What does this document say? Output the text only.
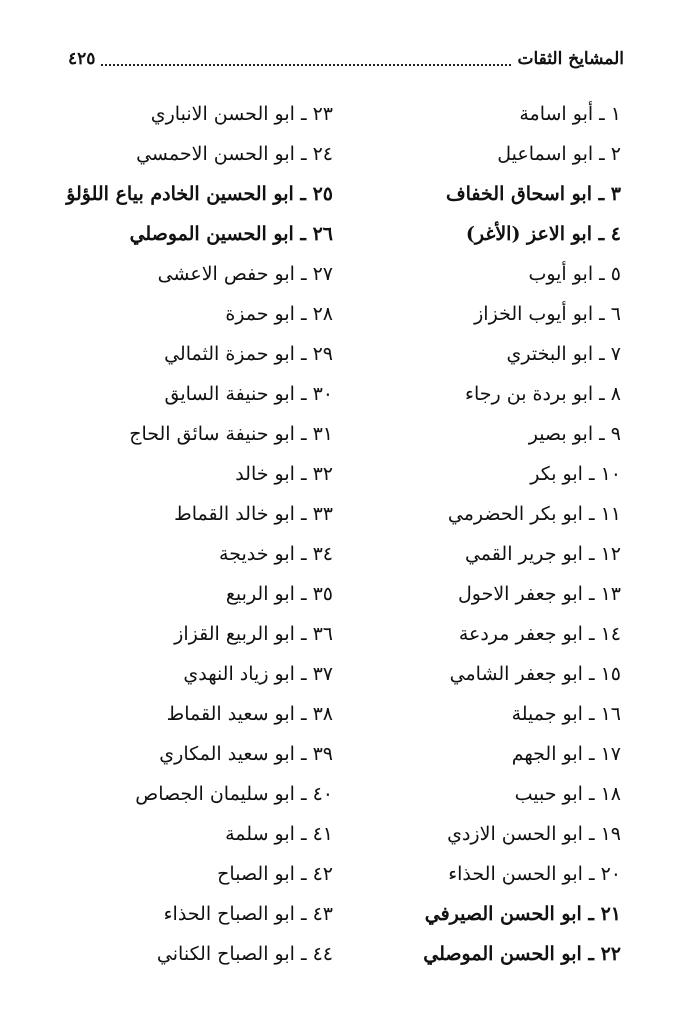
المشايخ الثقات
٤٢٥
١ ـ أبو اسامة
٢ ـ ابو اسماعيل
٣ ـ ابو اسحاق الخفاف
٤ ـ ابو الاعز (الأغر)
٥ ـ ابو أيوب
٦ ـ ابو أيوب الخزاز
٧ ـ ابو البختري
٨ ـ ابو بردة بن رجاء
٩ ـ ابو بصير
١٠ ـ ابو بكر
١١ ـ ابو بكر الحضرمي
١٢ ـ ابو جرير القمي
١٣ ـ ابو جعفر الاحول
١٤ ـ ابو جعفر مردعة
١٥ ـ ابو جعفر الشامي
١٦ ـ ابو جميلة
١٧ ـ ابو الجهم
١٨ ـ ابو حبيب
١٩ ـ ابو الحسن الازدي
٢٠ ـ ابو الحسن الحذاء
٢١ ـ ابو الحسن الصيرفي
٢٢ ـ ابو الحسن الموصلي
٢٣ ـ ابو الحسن الانباري
٢٤ ـ ابو الحسن الاحمسي
٢٥ ـ ابو الحسين الخادم بياع اللؤلؤ
٢٦ ـ ابو الحسين الموصلي
٢٧ ـ ابو حفص الاعشى
٢٨ ـ ابو حمزة
٢٩ ـ ابو حمزة الثمالي
٣٠ ـ ابو حنيفة السايق
٣١ ـ ابو حنيفة سائق الحاج
٣٢ ـ ابو خالد
٣٣ ـ ابو خالد القماط
٣٤ ـ ابو خديجة
٣٥ ـ ابو الربيع
٣٦ ـ ابو الربيع القزاز
٣٧ ـ ابو زياد النهدي
٣٨ ـ ابو سعيد القماط
٣٩ ـ ابو سعيد المكاري
٤٠ ـ ابو سليمان الجصاص
٤١ ـ ابو سلمة
٤٢ ـ ابو الصباح
٤٣ ـ ابو الصباح الحذاء
٤٤ ـ ابو الصباح الكناني
